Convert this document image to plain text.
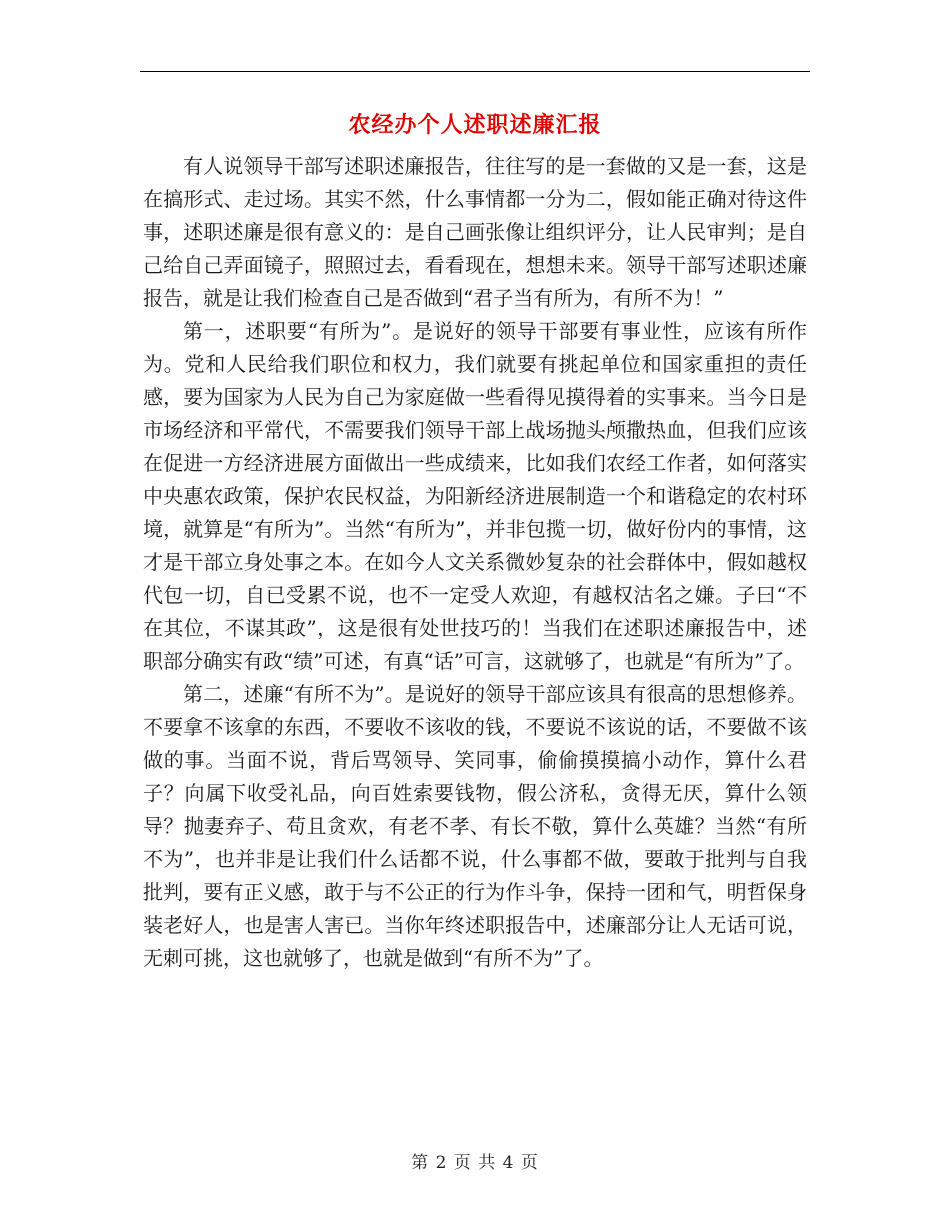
农经办个人述职述廉汇报

有人说领导干部写述职述廉报告，往往写的是一套做的又是一套，这是在搞形式、走过场。其实不然，什么事情都一分为二，假如能正确对待这件事，述职述廉是很有意义的：是自己画张像让组织评分，让人民审判；是自己给自己弄面镜子，照照过去，看看现在，想想未来。领导干部写述职述廉报告，就是让我们检查自己是否做到“君子当有所为，有所不为！”

第一，述职要“有所为”。是说好的领导干部要有事业性，应该有所作为。党和人民给我们职位和权力，我们就要有挑起单位和国家重担的责任感，要为国家为人民为自己为家庭做一些看得见摸得着的实事来。当今日是市场经济和平常代，不需要我们领导干部上战场抛头颅撒热血，但我们应该在促进一方经济进展方面做出一些成绩来，比如我们农经工作者，如何落实中央惠农政策，保护农民权益，为阳新经济进展制造一个和谐稳定的农村环境，就算是“有所为”。当然“有所为”，并非包揽一切，做好份内的事情，这才是干部立身处事之本。在如今人文关系微妙复杂的社会群体中，假如越权代包一切，自已受累不说，也不一定受人欢迎，有越权沽名之嫌。子曰“不在其位，不谋其政”，这是很有处世技巧的！当我们在述职述廉报告中，述职部分确实有政“绩”可述，有真“话”可言，这就够了，也就是“有所为”了。

第二，述廉“有所不为”。是说好的领导干部应该具有很高的思想修养。不要拿不该拿的东西，不要收不该收的钱，不要说不该说的话，不要做不该做的事。当面不说，背后骂领导、笑同事，偷偷摸摸搞小动作，算什么君子？向属下收受礼品，向百姓索要钱物，假公济私，贪得无厌，算什么领导？抛妻弃子、苟且贪欢，有老不孝、有长不敬，算什么英雄？当然“有所不为”，也并非是让我们什么话都不说，什么事都不做，要敢于批判与自我批判，要有正义感，敢于与不公正的行为作斗争，保持一团和气，明哲保身装老好人，也是害人害已。当你年终述职报告中，述廉部分让人无话可说，无刺可挑，这也就够了，也就是做到“有所不为”了。

第 2 页 共 4 页
